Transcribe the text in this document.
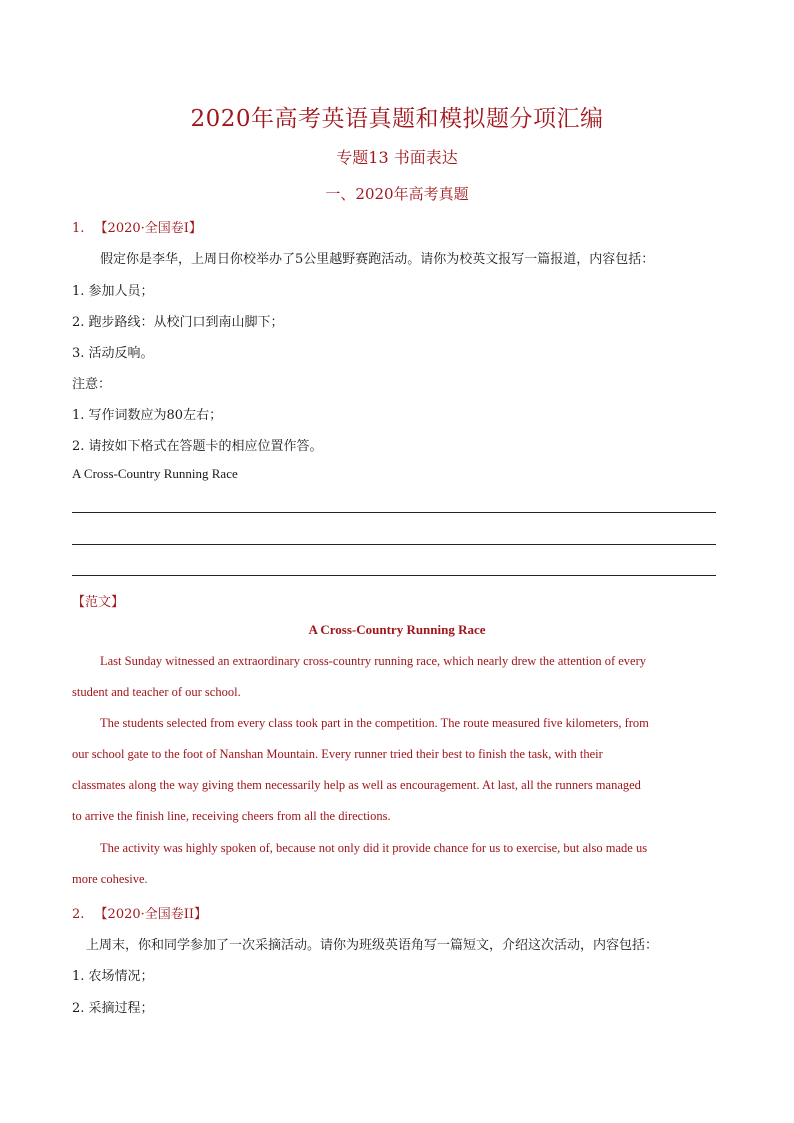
2020年高考英语真题和模拟题分项汇编
专题13 书面表达
一、2020年高考真题
1. 【2020·全国卷I】
假定你是李华，上周日你校举办了5公里越野赛跑活动。请你为校英文报写一篇报道，内容包括：
1. 参加人员；
2. 跑步路线：从校门口到南山脚下；
3. 活动反响。
注意：
1. 写作词数应为80左右；
2. 请按如下格式在答题卡的相应位置作答。
A Cross-Country Running Race
【范文】
A Cross-Country Running Race
Last Sunday witnessed an extraordinary cross-country running race, which nearly drew the attention of every
student and teacher of our school.
The students selected from every class took part in the competition. The route measured five kilometers, from
our school gate to the foot of Nanshan Mountain. Every runner tried their best to finish the task, with their
classmates along the way giving them necessarily help as well as encouragement. At last, all the runners managed
to arrive the finish line, receiving cheers from all the directions.
The activity was highly spoken of, because not only did it provide chance for us to exercise, but also made us
more cohesive.
2. 【2020·全国卷II】
上周末，你和同学参加了一次采摘活动。请你为班级英语角写一篇短文，介绍这次活动，内容包括：
1. 农场情况；
2. 采摘过程；
